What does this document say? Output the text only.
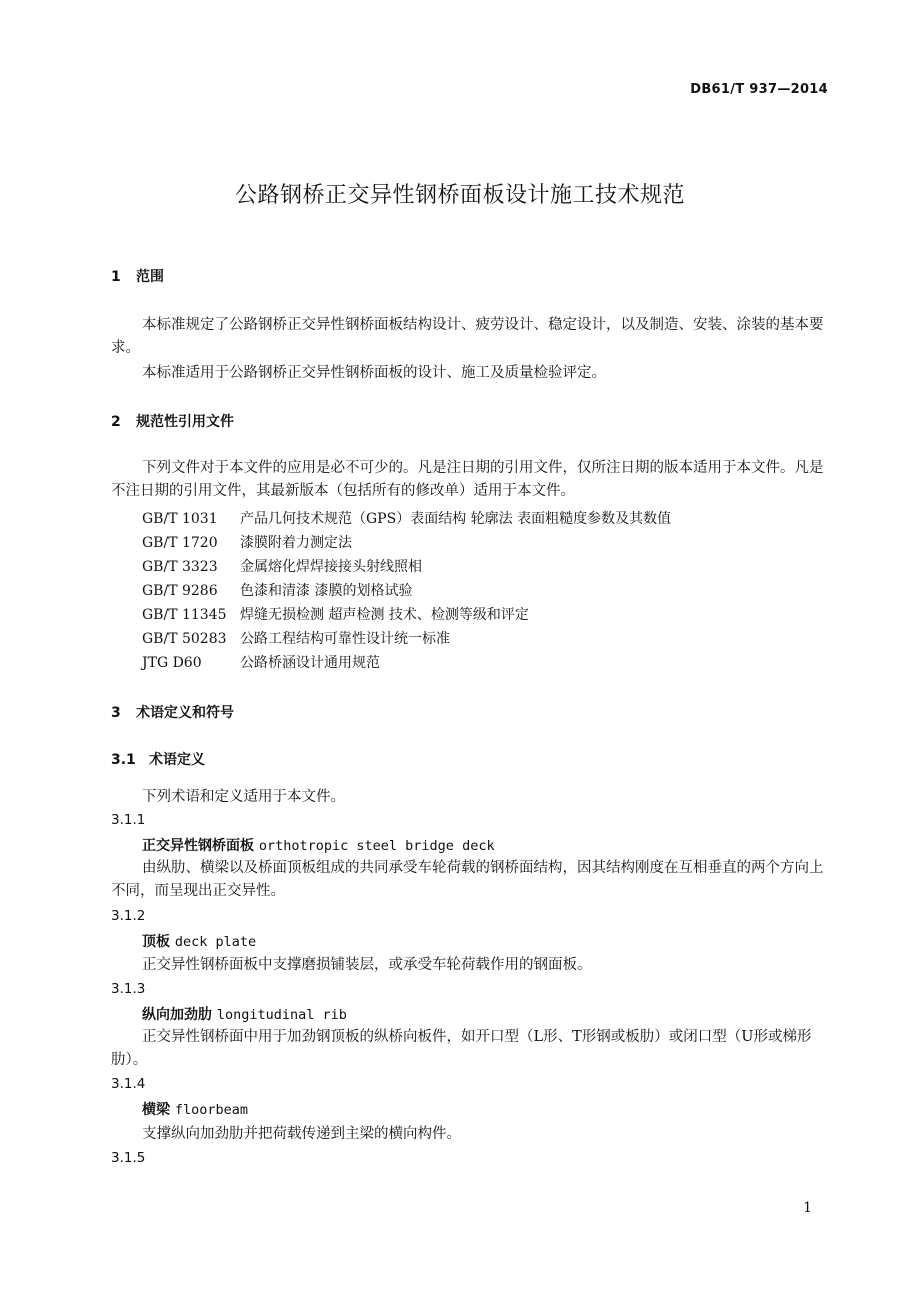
DB61/T 937—2014
公路钢桥正交异性钢桥面板设计施工技术规范
1 范围
本标准规定了公路钢桥正交异性钢桥面板结构设计、疲劳设计、稳定设计，以及制造、安装、涂装的基本要求。
本标准适用于公路钢桥正交异性钢桥面板的设计、施工及质量检验评定。
2 规范性引用文件
下列文件对于本文件的应用是必不可少的。凡是注日期的引用文件，仅所注日期的版本适用于本文件。凡是不注日期的引用文件，其最新版本（包括所有的修改单）适用于本文件。
GB/T 1031 产品几何技术规范（GPS）表面结构 轮廓法 表面粗糙度参数及其数值
GB/T 1720 漆膜附着力测定法
GB/T 3323 金属熔化焊焊接接头射线照相
GB/T 9286 色漆和清漆 漆膜的划格试验
GB/T 11345 焊缝无损检测 超声检测 技术、检测等级和评定
GB/T 50283 公路工程结构可靠性设计统一标准
JTG D60	公路桥涵设计通用规范
3 术语定义和符号
3.1 术语定义
下列术语和定义适用于本文件。
3.1.1
正交异性钢桥面板 orthotropic steel bridge deck
由纵肋、横梁以及桥面顶板组成的共同承受车轮荷载的钢桥面结构，因其结构刚度在互相垂直的两个方向上不同，而呈现出正交异性。
3.1.2
顶板 deck plate
正交异性钢桥面板中支撑磨损铺装层，或承受车轮荷载作用的钢面板。
3.1.3
纵向加劲肋 longitudinal rib
正交异性钢桥面中用于加劲钢顶板的纵桥向板件，如开口型（L形、T形钢或板肋）或闭口型（U形或梯形肋）。
3.1.4
横梁 floorbeam
支撑纵向加劲肋并把荷载传递到主梁的横向构件。
3.1.5
1
